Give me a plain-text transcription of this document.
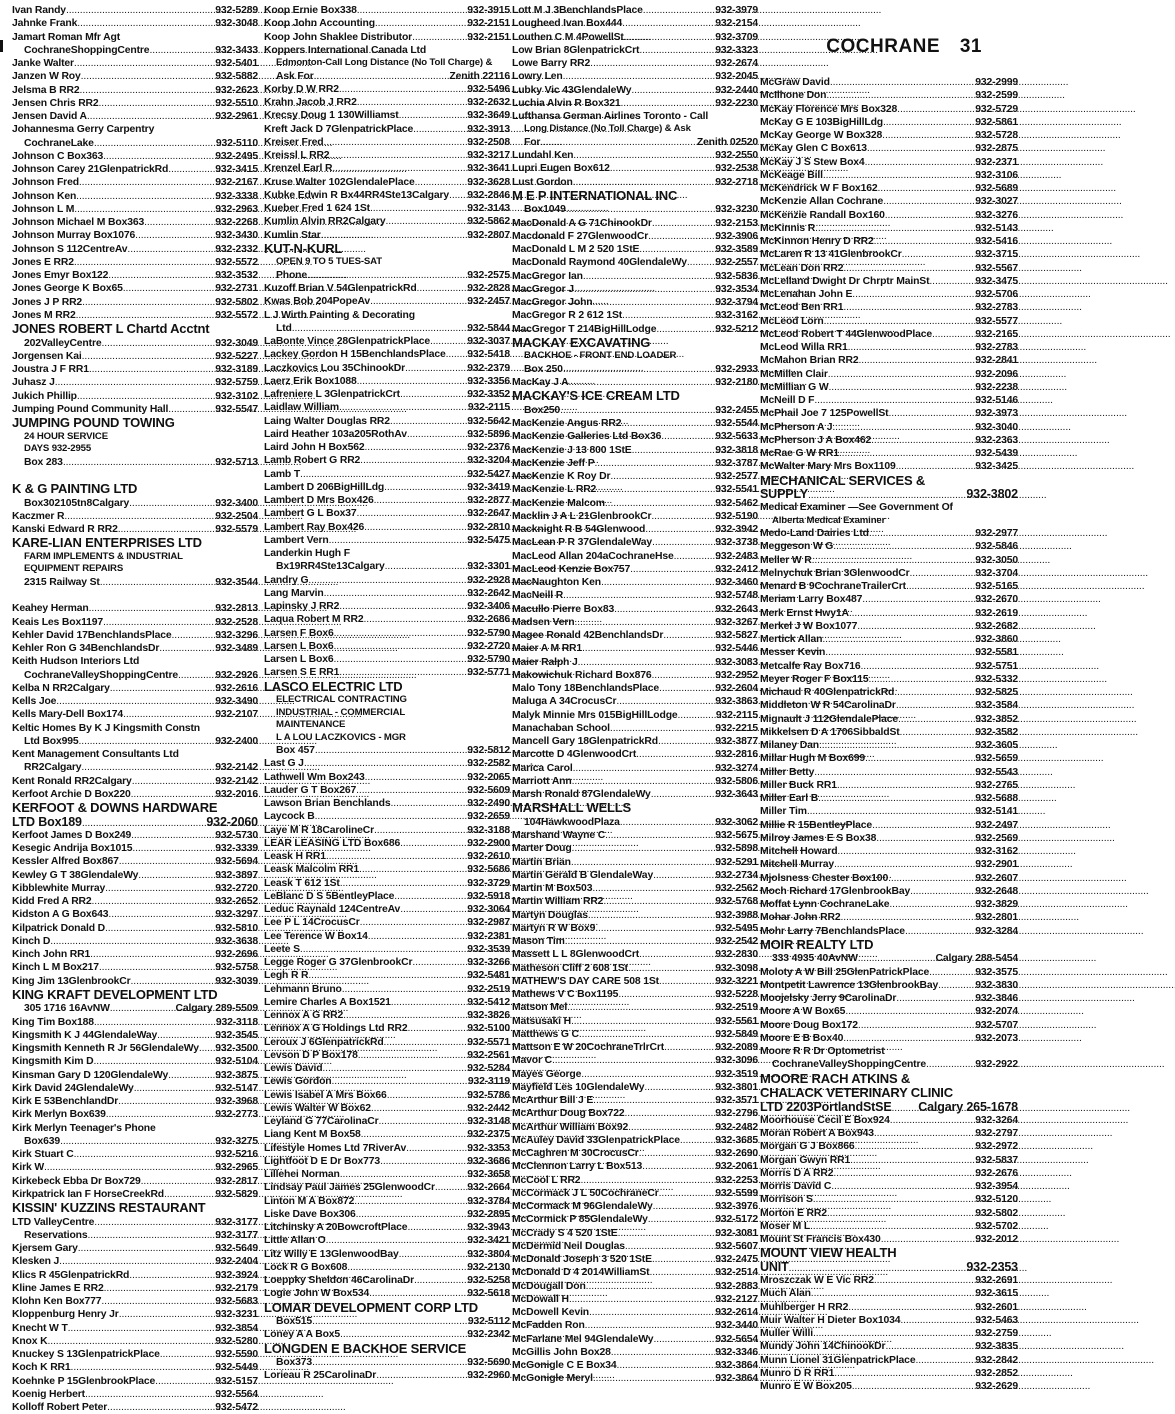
COCHRANE 31
Ivan Randy . . .	932-5289
Jahnke Frank . . .	932-3048
Jamart Roman Mfr Agt
CochraneShoppingCentre . . .	932-3433
Janke Walter . . .	932-5401
Janzen W Roy . . .	932-5882
Jelsma B RR2 . . .	932-2623
Jensen Chris RR2 . . .	932-5510
Jensen David A . . .	932-2961
Johannesma Gerry Carpentry
CochraneLake . . .	932-5110
Johnson C Box363 . . .	932-2495
Johnson Carey 21GlenpatrickRd . . .	932-3415
Johnson Fred . . .	932-2167
Johnson Ken . . .	932-3338
Johnson L M . . .	932-2963
Johnson Michael M Box363 . . .	932-2268
Johnson Murray Box1076 . . .	932-3430
Johnson S 112CentreAv . . .	932-2332
Jones E RR2 . . .	932-5572
Jones Emyr Box122 . . .	932-3532
Jones George K Box65 . . .	932-2731
Jones J P RR2 . . .	932-5802
Jones M RR2 . . .	932-5572
JONES ROBERT L Chartd Acctnt
202ValleyCentre . . .	932-3049
Jorgensen Kai . . .	932-5227
Joustra J F RR1 . . .	932-3189
Juhasz J . . .	932-5759
Jukich Phillip . . .	932-3102
Jumping Pound Community Hall . . .	932-5547
JUMPING POUND TOWING
24 HOUR SERVICE
DAYS 932-2955
Box 283 . . .	932-5713

K & G PAINTING LTD
Box302105tn8Calgary . . .	932-3400
Kaczmer R . . .	932-2504
Kanski Edward R RR2 . . .	932-5579
KARE-LIAN ENTERPRISES LTD
FARM IMPLEMENTS & INDUSTRIAL
EQUIPMENT REPAIRS
2315 Railway St . . .	932-3544

Keahey Herman . . .	932-2813
Keais Les Box1197 . . .	932-2528
Kehler David 17BenchlandsPlace . . .	932-3296
Kehler Ron G 34BenchlandsDr . . .	932-3489
Keith Hudson Interiors Ltd
CochraneValleyShoppingCentre . . .	932-2926
Kelba N RR2Calgary . . .	932-2616
Kells Joe . . .	932-3490
Kells Mary-Dell Box174 . . .	932-2107
Keltic Homes By K J Kingsmith Constn
Ltd Box995 . . .	932-2400
Kent Management Consultants Ltd
RR2Calgary . . .	932-2142
Kent Ronald RR2Calgary . . .	932-2142
Kerfoot Archie D Box220 . . .	932-2016
KERFOOT & DOWNS HARDWARE
LTD Box189 . . .	932-2060
Kerfoot James D Box249 . . .	932-5730
Kesegic Andrija Box1015 . . .	932-3339
Kessler Alfred Box867 . . .	932-5694
Kewley G T 38GlendaleWy . . .	932-3897
Kibblewhite Murray . . .	932-2720
Kidd Fred A RR2 . . .	932-2652
Kidston A G Box643 . . .	932-3297
Kilpatrick Donald D . . .	932-5810
Kinch D . . .	932-3638
Kinch John RR1 . . .	932-2696
Kinch L M Box217 . . .	932-5758
King Jim 13GlenbrookCr . . .	932-3039
KING KRAFT DEVELOPMENT LTD
305 1716 16AvNW . . .	Calgary 289-5509
King Tim Box188 . . .	932-3118
Kingsmith K J 44GlendaleWay . . .	932-3545
Kingsmith Kenneth R Jr 56GlendaleWy . . . 932-3500
Kingsmith Kim D . . .	932-5104
Kinsman Gary D 120GlendaleWy . . .	932-3875
Kirk David 24GlendaleWy . . .	932-5147
Kirk E 53BenchlandDr . . .	932-3968
Kirk Merlyn Box639 . . .	932-2773
Kirk Merlyn Teenager's Phone
Box639 . . .	932-3275
Kirk Stuart C . . .	932-5216
Kirk W . . .	932-2965
Kirkebeck Ebba Dr Box729 . . .	932-2817
Kirkpatrick Ian F HorseCreekRd . . .	932-5829
KISSIN' KUZZINS RESTAURANT
LTD ValleyCentre . . .	932-3177
Reservations . . .	932-3177
Kjersem Gary . . .	932-5649
Klesken J . . .	932-2404
Klics R 45GlenpatrickRd . . .	932-3924
Kline James E RR2 . . .	932-2179
Klohn Ken Box777 . . .	932-5683
Kloppenburg Henry Jr . . .	932-3231
Knecht W T . . .	932-3854
Knox K . . .	932-5280
Knuckey S 13GlenpatrickPlace . . .	932-5590
Koch K RR1 . . .	932-5449
Koehnke P 15GlenbrookPlace . . .	932-5157
Koenig Herbert . . .	932-5564
Kolloff Robert Peter . . .	932-5472
Koop Ernie Box338 . . .	932-3915
Koop John Accounting . . .	932-2151
Koop John Shaklee Distributor . . .	932-2151
Koppers International Canada Ltd
Edmonton-Call Long Distance (No Toll Charge) &
Ask For . . .	Zenith 22116
Korby D W RR2 . . .	932-5496
Krahn Jacob J RR2 . . .	932-2632
Krecsy Doug 1 130Williamst . . .	932-3649
Kreft Jack D 7GlenpatrickPlace . . .	932-3913
Kreiser Fred . . .	932-2508
Kreissl L RR2 . . .	932-3217
Krenzel Earl R . . .	932-3641
Kruse Walter 102GlendalePlace . . .	932-3628
Kubke Edwin R Bx44RR4Ste13Calgary . . . 932-2846
Kueber Fred 1 624 1St . . .	932-3143
Kumlin Alvin RR2Calgary . . .	932-5862
Kumlin Star . . .	932-2807
KUT-N-KURL
OPEN 9 TO 5 TUES-SAT
Phone . . .	932-2575
Kuzoff Brian V 54GlenpatrickRd . . .	932-2828
Kwas Bob 204PopeAv . . .	932-2457
L J Wirth Painting & Decorating
Ltd . . .	932-5844
LaBonte Vince 28GlenpatrickPlace . . .	932-3037
Lackey Gordon H 15BenchlandsPlace . . . 932-5418
Laczkovics Lou 35ChinookDr . . .	932-2379
Laerz Erik Box1088 . . .	932-3356
Lafreniere L 3GlenpatrickCrt . . .	932-3352
Laidlaw William . . .	932-2115
Laing Walter Douglas RR2 . . .	932-5642
Laird Heather 103a205RothAv . . .	932-5896
Laird John H Box562 . . .	932-2376
Lamb Robert G RR2 . . .	932-3204
Lamb T . . .	932-5427
Lambert D 206BigHillLdg . . .	932-3419
Lambert D Mrs Box426 . . .	932-2877
Lambert G L Box37 . . .	932-2647
Lambert Ray Box426 . . .	932-2810
Lambert Vern . . .	932-5475
Landerkin Hugh F
Bx19RR4Ste13Calgary . . .	932-3301
Landry G . . .	932-2928
Lang Marvin . . .	932-2642
Lapinsky J RR2 . . .	932-3406
Laqua Robert M RR2 . . .	932-2686
Larsen F Box6 . . .	932-5790
Larsen L Box6 . . .	932-2720
Larsen L Box6 . . .	932-5790
Larsen S E RR1 . . .	932-5771
LASCO ELECTRIC LTD
ELECTRICAL CONTRACTING
INDUSTRIAL - COMMERCIAL
MAINTENANCE
L A LOU LACZKOVICS - MGR
Box 457 . . .	932-5812
Last G J . . .	932-2582
Lathwell Wm Box243 . . .	932-2065
Lauder G T Box267 . . .	932-5609
Lawson Brian Benchlands . . .	932-2490
Laycock B . . .	932-2659
Laye M R 18CarolineCr . . .	932-3188
LEAR LEASING LTD Box686 . . .	932-2900
Leask H RR1 . . .	932-2610
Leask Malcolm RR1 . . .	932-5686
Leask T 612 1St . . .	932-3729
LeBlanc D S 5BentleyPlace . . .	932-5918
Leduc Raynald 124CentreAv . . .	932-3064
Lee P L 14CrocusCr . . .	932-2987
Lee Terence W Box14 . . .	932-2381
Leete S . . .	932-3539
Legge Roger G 37GlenbrookCr . . .	932-3266
Legh R R . . .	932-5481
Lehmann Bruno . . .	932-2519
Lemire Charles A Box1521 . . .	932-5412
Lennox A G RR2 . . .	932-3826
Lennox A G Holdings Ltd RR2 . . .	932-5100
Leroux J 6GlenpatrickRd . . .	932-5571
Levson D P Box178 . . .	932-2561
Lewis David . . .	932-5284
Lewis Gordon . . .	932-3119
Lewis Isabel A Mrs Box66 . . .	932-5786
Lewis Walter W Box62 . . .	932-2442
Leyland G 77CarolinaCr . . .	932-3148
Liang Kent M Box58 . . .	932-2375
Lifestyle Homes Ltd 7RiverAv . . .	932-3353
Lightfoot D E Dr Box773 . . .	932-3686
Lillehei Norman . . .	932-3658
Lindsay Paul James 25GlenwoodCr . . .	932-2664
Linton M A Box872 . . .	932-3784
Liske Dave Box306 . . .	932-2895
Litchinsky A 20BowcroftPlace . . .	932-3943
Little Allan O . . .	932-3421
Litz Willy E 13GlenwoodBay . . .	932-3804
Lock R G Box608 . . .	932-2130
Loeppky Sheldon 46CarolinaDr . . .	932-5258
Logie John W Box534 . . .	932-5618
LOMAR DEVELOPMENT CORP LTD
Box515 . . .	932-5112
Loney A A Box5 . . .	932-2342
LONGDEN E BACKHOE SERVICE
Box373 . . .	932-5690
Lorieau R 25CarolinaDr . . .	932-2960
Lott M J 3BenchlandsPlace . . .	932-3979
Lougheed Ivan Box444 . . .	932-2154
Louthen C M 4PowellSt . . .	932-3709
Low Brian 8GlenpatrickCrt . . .	932-3323
Lowe Barry RR2 . . .	932-2674
Lowry Len . . .	932-2045
Lubky Vic 43GlendaleWy . . .	932-2440
Luchia Alvin R Box321 . . .	932-2230
Lufthansa German Airlines Toronto - Call
Long Distance (No Toll Charge) & Ask
For . . .	Zenith 02520
Lundahl Ken . . .	932-2550
Lupri Eugen Box612 . . .	932-2538
Lust Gordon . . .	932-2718
M E P INTERNATIONAL INC
Box1049 . . .	932-3230
MacDonald A G 71ChinookDr . . .	932-2153
Macdonald F 27GlenwoodCr . . .	932-3906
MacDonald L M 2 520 1StE . . .	932-3589
MacDonald Raymond 40GlendaleWy . . .	932-2557
MacGregor Ian . . .	932-5836
MacGregor J . . .	932-3534
MacGregor John . . .	932-3794
MacGregor R 2 612 1St . . .	932-3162
MacGregor T 214BigHillLodge . . .	932-5212
MACKAY EXCAVATING
BACKHOE - FRONT END LOADER
Box 250 . . .	932-2933
MacKay J A . . .	932-2180
MACKAY'S ICE CREAM LTD
Box250 . . .	932-2455
MacKenzie Angus RR2 . . .	932-5544
MacKenzie Galleries Ltd Box36 . . .	932-5633
MacKenzie J 13 800 1StE . . .	932-3818
MacKenzie Jeff P . . .	932-3787
MacKenzie K Roy Dr . . .	932-2577
MacKenzie L RR2 . . .	932-5541
MacKenzie Malcom . . .	932-5462
Macklin J A L 21GlenbrookCr . . .	932-5190
Macknight R B 54Glenwood . . .	932-3942
MacLean P R 37GlendaleWay . . .	932-3738
MacLeod Allan 204aCochraneHse . . .	932-2483
MacLeod Kenzie Box757 . . .	932-2412
MacNaughton Ken . . .	932-3460
MacNeill R . . .	932-5748
Macullo Pierre Box83 . . .	932-2643
Madsen Vern . . .	932-3267
Magee Ronald 42BenchlandsDr . . .	932-5827
Maier A M RR1 . . .	932-5446
Maier Ralph J . . .	932-3083
Makowichuk Richard Box876 . . .	932-2952
Malo Tony 18BenchlandsPlace . . .	932-2604
Maluga A 34CrocusCr . . .	932-3863
Malyk Minnie Mrs 015BigHillLodge . . .	932-2115
Manachaban School . . .	932-2215
Mancell Gary 18GlenpatrickRd . . .	932-3877
Marcotte D 4GlenwoodCrt . . .	932-2816
Marica Carol . . .	932-3274
Marriott Ann . . .	932-5806
Marsh Ronald 87GlendaleWy . . .	932-3643
MARSHALL WELLS
104HawkwoodPlaza . . .	932-3062
Marshand Wayne C . . .	932-5675
Marter Doug . . .	932-5898
Martin Brian . . .	932-5291
Martin Gerald B GlendaleWay . . .	932-2734
Martin M Box503 . . .	932-2562
Martin William RR2 . . .	932-5768
Martyn Douglas . . .	932-3988
Martyn R W Box9 . . .	932-5495
Mason Tim . . .	932-2542
Massett L L 8GlenwoodCrt . . .	932-2830
Matheson Cliff 2 608 1St . . .	932-3098
MATHEW'S DAY CARE 508 1St . . .	932-3221
Mathews V C Box1195 . . .	932-5228
Matson Mel . . .	932-2519
Matsusaki H . . .	932-5561
Matthews G C . . .	932-5849
Mattson E W 20CochraneTrlrCrt . . .	932-2089
Mavor C . . .	932-3096
Mayes George . . .	932-3519
Mayfield Les 10GlendaleWy . . .	932-3801
McArthur Bill J E . . .	932-3571
McArthur Doug Box722 . . .	932-2796
McArthur William Box92 . . .	932-2482
McAuley David 33GlenpatrickPlace . . .	932-3685
McCaghren M 30CrocusCr . . .	932-2690
McClennon Larry L Box513 . . .	932-2061
McCool L RR2 . . .	932-2253
McCormack J L 50CochraneCr . . .	932-5599
McCormack M 96GlendaleWy . . .	932-3976
McCormick P 85GlendaleWy . . .	932-5172
McCrady S 4 520 1StE . . .	932-3081
McDermid Neil Douglas . . .	932-5607
McDonald Joseph 3 520 1StE . . .	932-2475
McDonald D 4 2014WilliamSt . . .	932-2514
McDougall Don . . .	932-2883
McDowall H . . .	932-2127
McDowell Kevin . . .	932-2614
McFadden Ron . . .	932-3440
McFarlane Mel 94GlendaleWy . . .	932-5654
McGillis John Box28 . . .	932-3346
McGonigle C E Box34 . . .	932-3864
McGonigle Meryl . . .	932-3864
McGraw David . . .	932-2999
McIlhone Don . . .	932-2599
McKay Florence Mrs Box328 . . .	932-5729
McKay G E 103BigHillLdg . . .	932-5861
McKay George W Box328 . . .	932-5728
McKay Glen C Box613 . . .	932-2875
McKay J S Stew Box4 . . .	932-2371
McKeage Bill . . .	932-3106
McKendrick W F Box162 . . .	932-5689
McKenzie Allan Cochrane . . .	932-3027
McKenzie Randall Box160 . . .	932-3276
McKinnis R . . .	932-5143
McKinnon Henry D RR2 . . .	932-5416
McLaren R 13 41GlenbrookCr . . .	932-3715
McLean Don RR2 . . .	932-5567
McLelland Dwight Dr Chrptr MainSt . . .	932-3475
McLenahan John E . . .	932-5706
McLeod Ben RR1 . . .	932-2783
McLeod Lorn . . .	932-5577
McLeod Robert T 44GlenwoodPlace . . .	932-2165
McLeod Willa RR1 . . .	932-2783
McMahon Brian RR2 . . .	932-2841
McMillen Clair . . .	932-2096
McMillian G W . . .	932-2238
McNeill D F . . .	932-5146
McPhail Joe 7 125PowellSt . . .	932-3973
McPherson A J . . .	932-3040
McPherson J A Box462 . . .	932-2363
McRae G W RR1 . . .	932-5439
McWalter Mary Mrs Box1109 . . .	932-3425
MECHANICAL SERVICES &
SUPPLY . . .	932-3802
Medical Examiner —See Government Of
Alberta Medical Examiner
Medo-Land Dairies Ltd . . .	932-2977
Meggeson W G . . .	932-5846
Meller W R . . .	932-3050
Melnychuk Brian 3GlenwoodCr . . .	932-3704
Menard B 9CochraneTrailerCrt . . .	932-5165
Meriam Larry Box487 . . .	932-2670
Merk Ernst Hwy1A . . .	932-2619
Merkel J W Box1077 . . .	932-2682
Mertick Allan . . .	932-3860
Messer Kevin . . .	932-5581
Metcalfe Ray Box716 . . .	932-5751
Meyer Roger F Box115 . . .	932-5332
Michaud R 40GlenpatrickRd . . .	932-5825
Middleton W R 54CarolinaDr . . .	932-3584
Mignault J 112GlendalePlace . . .	932-3852
Mikkelsen D A 1706SibbaldSt . . .	932-3582
Milaney Dan . . .	932-3605
Millar Hugh M Box699 . . .	932-5659
Miller Betty . . .	932-5543
Miller Buck RR1 . . .	932-2765
Miller Earl B . . .	932-5688
Miller Tim . . .	932-5141
Millie R 15BentleyPlace . . .	932-2497
Milroy James E S Box38 . . .	932-2569
Mitchell Howard . . .	932-3162
Mitchell Murray . . .	932-2901
Mjolsness Chester Box100 . . .	932-2607
Moch Richard 17GlenbrookBay . . .	932-2648
Moffat Lynn CochraneLake . . .	932-3829
Mohar John RR2 . . .	932-2801
Mohr Larry 7BenchlandsPlace . . .	932-3284
MOIR REALTY LTD
333 4935 40AvNW . . .	Calgary 288-5454
Moloty A W Bill 25GlenPatrickPlace . . .	932-3575
Montpetit Lawrence 13GlenbrookBay . . .	932-3830
Moojelsky Jerry 9CarolinaDr . . .	932-3846
Moore A W Box65 . . .	932-2074
Moore Doug Box172 . . .	932-5707
Moore E B Box40 . . .	932-2073
Moore R R Dr Optometrist
CochraneValleyShoppingCentre . . .	932-2922
MOORE RACH ATKINS &
CHALACK VETERINARY CLINIC
LTD 2203PortlandStSE . . . Calgary 265-1678
Moorhouse Cecil E Box924 . . .	932-3264
Moran Robert A Box943 . . .	932-2797
Morgan G J Box866 . . .	932-2972
Morgan Gwyn RR1 . . .	932-5837
Morris D A RR2 . . .	932-2676
Morris David C . . .	932-3954
Morrison S . . .	932-5120
Morton E RR2 . . .	932-5802
Moser M L . . .	932-5702
Mount St Francis Box430 . . .	932-2012
MOUNT VIEW HEALTH
UNIT . . .	932-2353
Mroszczak W E Vic RR2 . . .	932-2691
Much Alan . . .	932-3615
Muhlberger H RR2 . . .	932-2601
Muir Walter H Dieter Box1034 . . .	932-5463
Muller Willi . . .	932-2759
Mundy John 14ChinookDr . . .	932-3835
Munn Lionel 31GlenpatrickPlace . . .	932-2842
Munro D R RR1 . . .	932-2852
Munro E W Box205 . . .	932-2629
